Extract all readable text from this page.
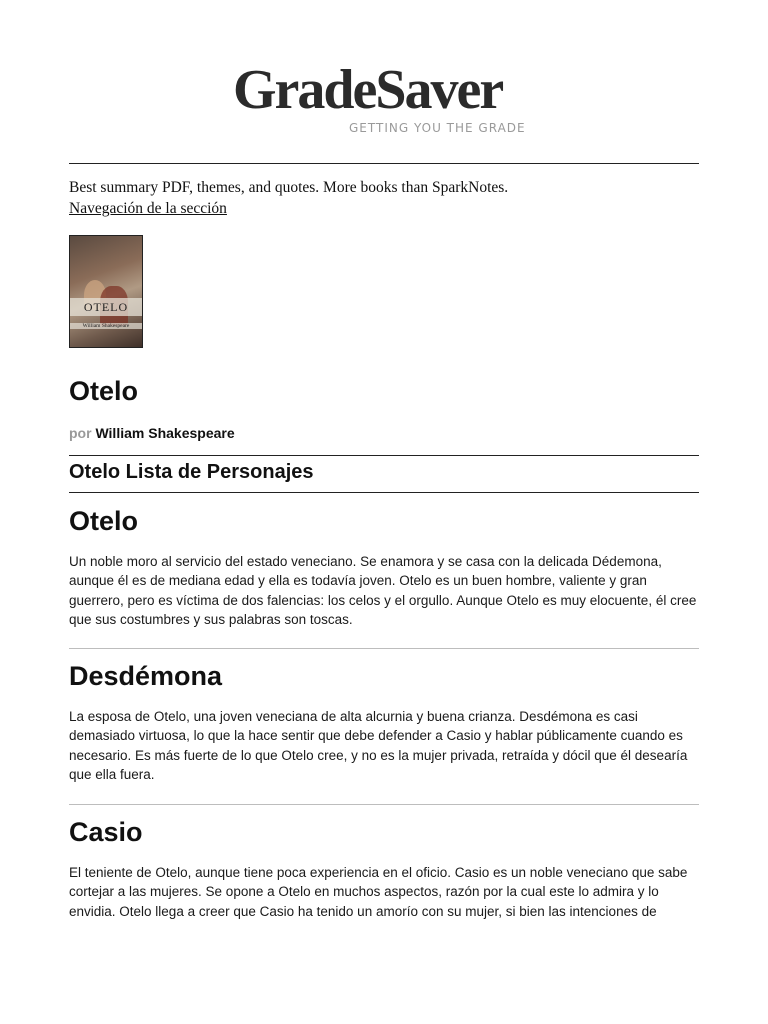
GradeSaver
GETTING YOU THE GRADE
Best summary PDF, themes, and quotes. More books than SparkNotes.
Navegación de la sección
OTELO
William Shakespeare
Otelo
por William Shakespeare
Otelo Lista de Personajes
Otelo

Un noble moro al servicio del estado veneciano. Se enamora y se casa con la delicada Dédemona, aunque él es de mediana edad y ella es todavía joven. Otelo es un buen hombre, valiente y gran guerrero, pero es víctima de dos falencias: los celos y el orgullo. Aunque Otelo es muy elocuente, él cree que sus costumbres y sus palabras son toscas.

Desdémona

La esposa de Otelo, una joven veneciana de alta alcurnia y buena crianza. Desdémona es casi demasiado virtuosa, lo que la hace sentir que debe defender a Casio y hablar públicamente cuando es necesario. Es más fuerte de lo que Otelo cree, y no es la mujer privada, retraída y dócil que él desearía que ella fuera.

Casio

El teniente de Otelo, aunque tiene poca experiencia en el oficio. Casio es un noble veneciano que sabe cortejar a las mujeres. Se opone a Otelo en muchos aspectos, razón por la cual este lo admira y lo envidia. Otelo llega a creer que Casio ha tenido un amorío con su mujer, si bien las intenciones de
